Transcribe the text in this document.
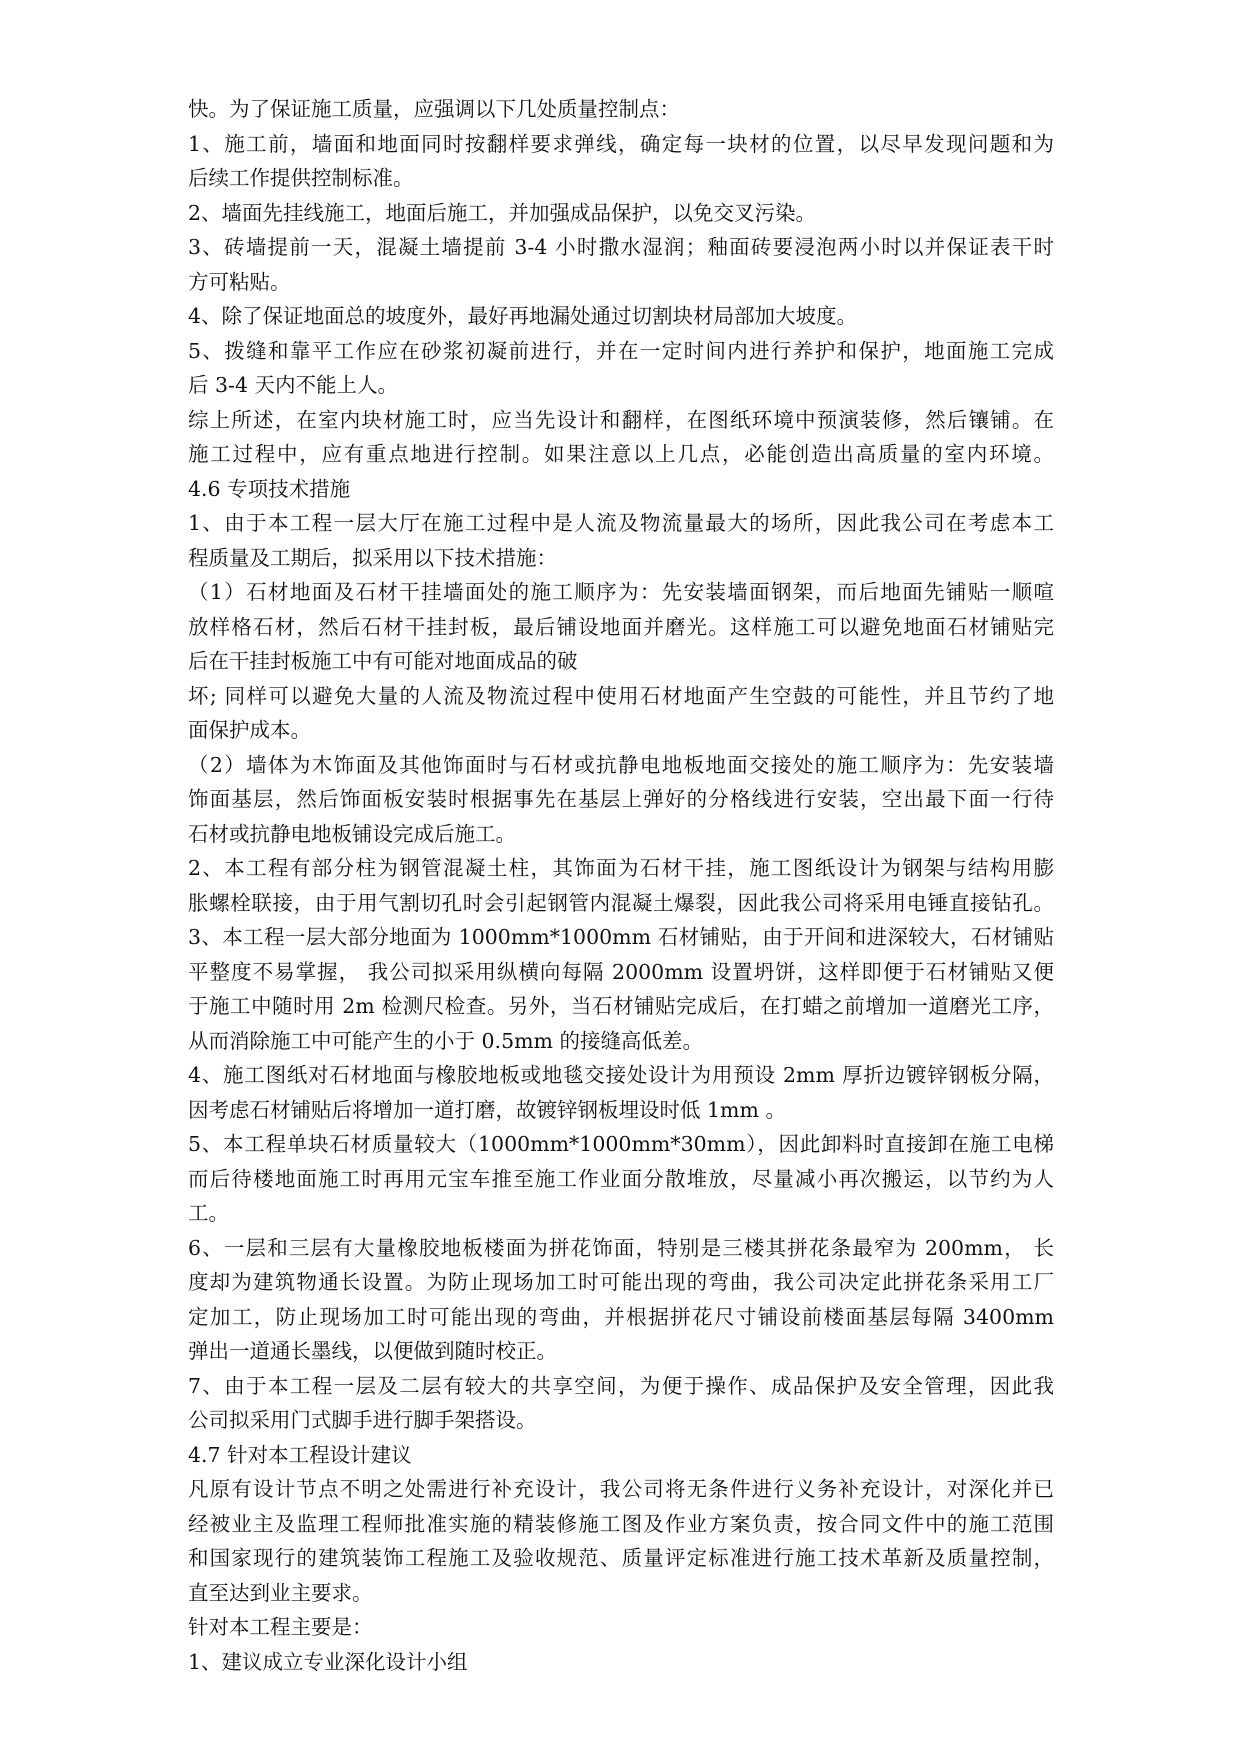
快。为了保证施工质量，应强调以下几处质量控制点：
1、施工前，墙面和地面同时按翻样要求弹线，确定每一块材的位置，以尽早发现问题和为
后续工作提供控制标准。
2、墙面先挂线施工，地面后施工，并加强成品保护，以免交叉污染。
3、砖墙提前一天，混凝土墙提前 3-4 小时撒水湿润；釉面砖要浸泡两小时以并保证表干时
方可粘贴。
4、除了保证地面总的坡度外，最好再地漏处通过切割块材局部加大坡度。
5、拨缝和靠平工作应在砂浆初凝前进行，并在一定时间内进行养护和保护，地面施工完成
后 3-4 天内不能上人。
综上所述，在室内块材施工时，应当先设计和翻样，在图纸环境中预演装修，然后镶铺。在
施工过程中，应有重点地进行控制。如果注意以上几点，必能创造出高质量的室内环境。
4.6 专项技术措施
1、由于本工程一层大厅在施工过程中是人流及物流量最大的场所，因此我公司在考虑本工
程质量及工期后，拟采用以下技术措施：
（1）石材地面及石材干挂墙面处的施工顺序为：先安装墙面钢架，而后地面先铺贴一顺喧
放样格石材，然后石材干挂封板，最后铺设地面并磨光。这样施工可以避免地面石材铺贴完
后在干挂封板施工中有可能对地面成品的破
坏; 同样可以避免大量的人流及物流过程中使用石材地面产生空鼓的可能性，并且节约了地
面保护成本。
（2）墙体为木饰面及其他饰面时与石材或抗静电地板地面交接处的施工顺序为：先安装墙
饰面基层，然后饰面板安装时根据事先在基层上弹好的分格线进行安装，空出最下面一行待
石材或抗静电地板铺设完成后施工。
2、本工程有部分柱为钢管混凝土柱，其饰面为石材干挂，施工图纸设计为钢架与结构用膨
胀螺栓联接，由于用气割切孔时会引起钢管内混凝土爆裂，因此我公司将采用电锤直接钻孔。
3、本工程一层大部分地面为 1000mm*1000mm 石材铺贴，由于开间和进深较大，石材铺贴
平整度不易掌握， 我公司拟采用纵横向每隔 2000mm 设置坍饼，这样即便于石材铺贴又便
于施工中随时用 2m 检测尺检查。另外，当石材铺贴完成后，在打蜡之前增加一道磨光工序，
从而消除施工中可能产生的小于 0.5mm 的接缝高低差。
4、施工图纸对石材地面与橡胶地板或地毯交接处设计为用预设 2mm 厚折边镀锌钢板分隔，
因考虑石材铺贴后将增加一道打磨，故镀锌钢板埋设时低 1mm 。
5、本工程单块石材质量较大（1000mm*1000mm*30mm），因此卸料时直接卸在施工电梯
而后待楼地面施工时再用元宝车推至施工作业面分散堆放，尽量减小再次搬运，以节约为人
工。
6、一层和三层有大量橡胶地板楼面为拼花饰面，特别是三楼其拼花条最窄为 200mm， 长
度却为建筑物通长设置。为防止现场加工时可能出现的弯曲，我公司决定此拼花条采用工厂
定加工，防止现场加工时可能出现的弯曲，并根据拼花尺寸铺设前楼面基层每隔 3400mm
弹出一道通长墨线，以便做到随时校正。
7、由于本工程一层及二层有较大的共享空间，为便于操作、成品保护及安全管理，因此我
公司拟采用门式脚手进行脚手架搭设。
4.7 针对本工程设计建议
凡原有设计节点不明之处需进行补充设计，我公司将无条件进行义务补充设计，对深化并已
经被业主及监理工程师批准实施的精装修施工图及作业方案负责，按合同文件中的施工范围
和国家现行的建筑装饰工程施工及验收规范、质量评定标准进行施工技术革新及质量控制，
直至达到业主要求。
针对本工程主要是：
1、建议成立专业深化设计小组
